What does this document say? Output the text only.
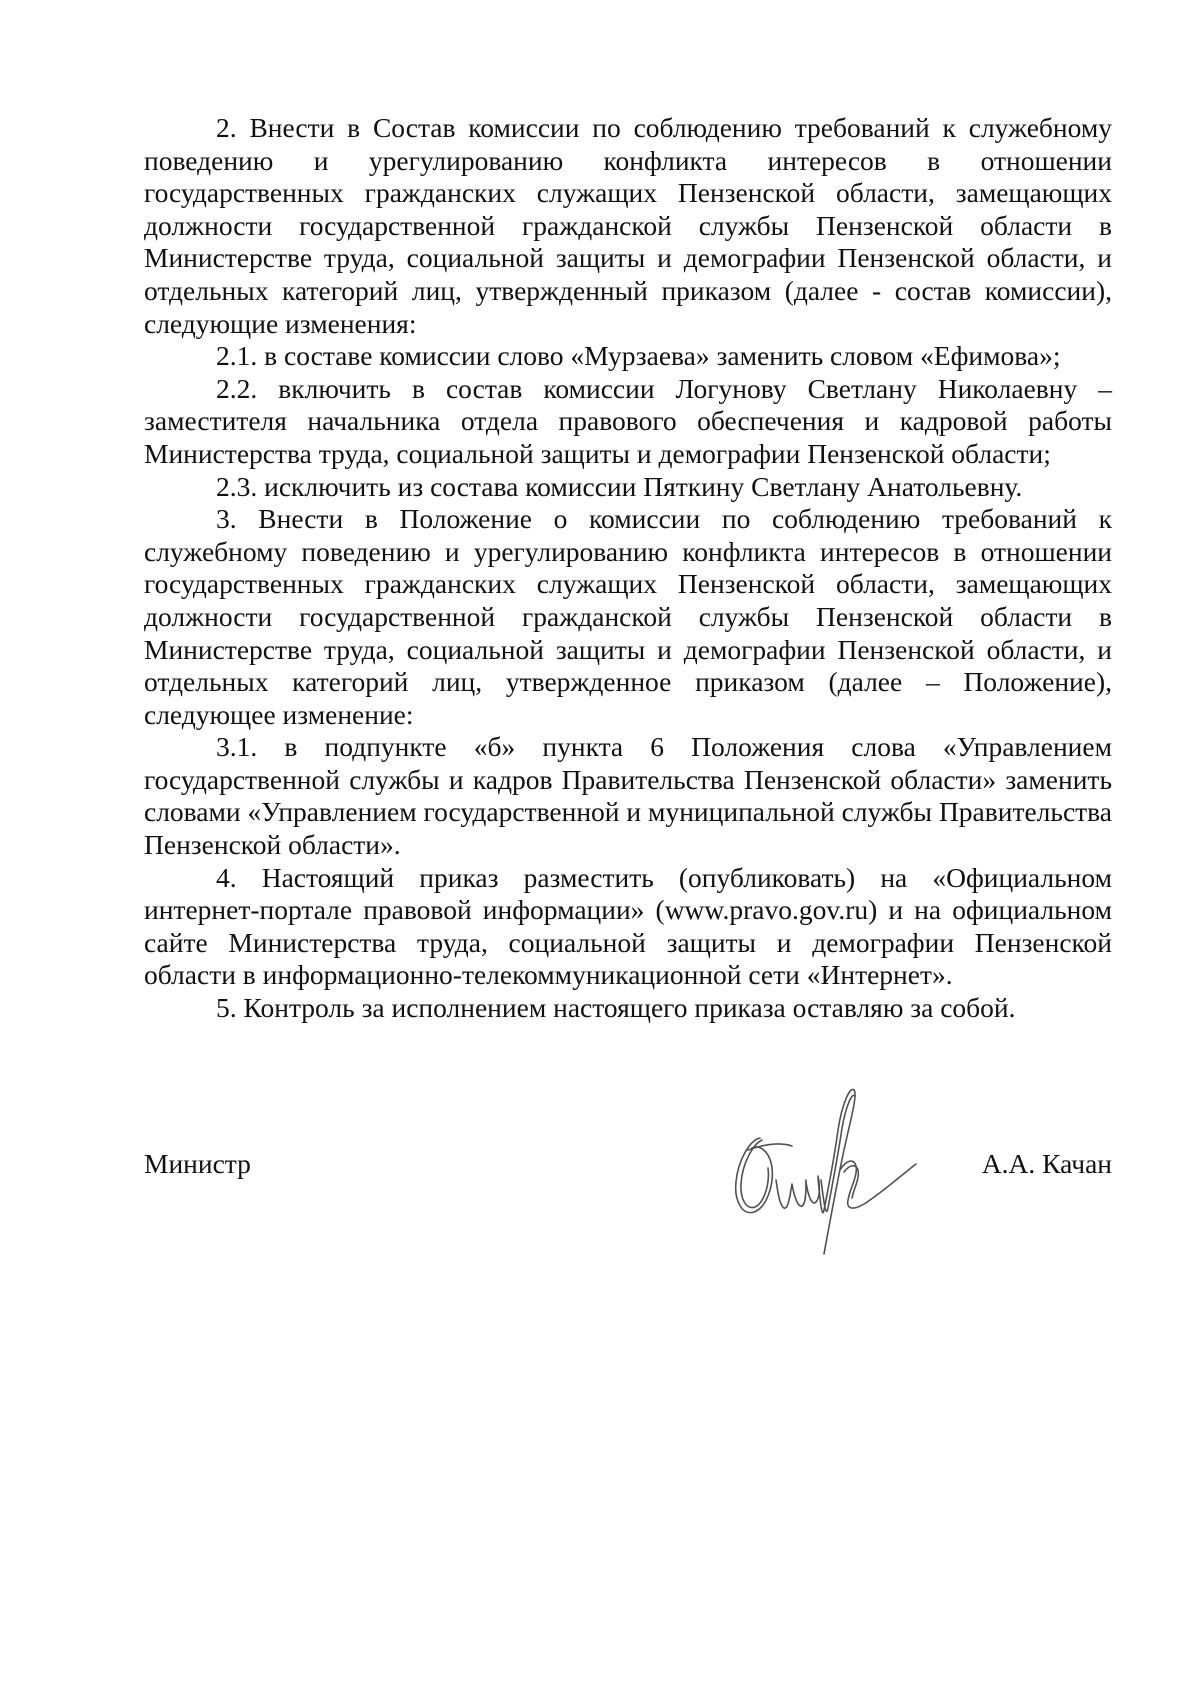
2. Внести в Состав комиссии по соблюдению требований к служебному поведению и урегулированию конфликта интересов в отношении государственных гражданских служащих Пензенской области, замещающих должности государственной гражданской службы Пензенской области в Министерстве труда, социальной защиты и демографии Пензенской области, и отдельных категорий лиц, утвержденный приказом (далее - состав комиссии), следующие изменения:

2.1. в составе комиссии слово «Мурзаева» заменить словом «Ефимова»;

2.2. включить в состав комиссии Логунову Светлану Николаевну – заместителя начальника отдела правового обеспечения и кадровой работы Министерства труда, социальной защиты и демографии Пензенской области;

2.3. исключить из состава комиссии Пяткину Светлану Анатольевну.

3. Внести в Положение о комиссии по соблюдению требований к служебному поведению и урегулированию конфликта интересов в отношении государственных гражданских служащих Пензенской области, замещающих должности государственной гражданской службы Пензенской области в Министерстве труда, социальной защиты и демографии Пензенской области, и отдельных категорий лиц, утвержденное приказом (далее – Положение), следующее изменение:

3.1. в подпункте «б» пункта 6 Положения слова «Управлением государственной службы и кадров Правительства Пензенской области» заменить словами «Управлением государственной и муниципальной службы Правительства Пензенской области».

4. Настоящий приказ разместить (опубликовать) на «Официальном интернет-портале правовой информации» (www.pravo.gov.ru) и на официальном сайте Министерства труда, социальной защиты и демографии Пензенской области в информационно-телекоммуникационной сети «Интернет».

5. Контроль за исполнением настоящего приказа оставляю за собой.

Министр	А.А. Качан
